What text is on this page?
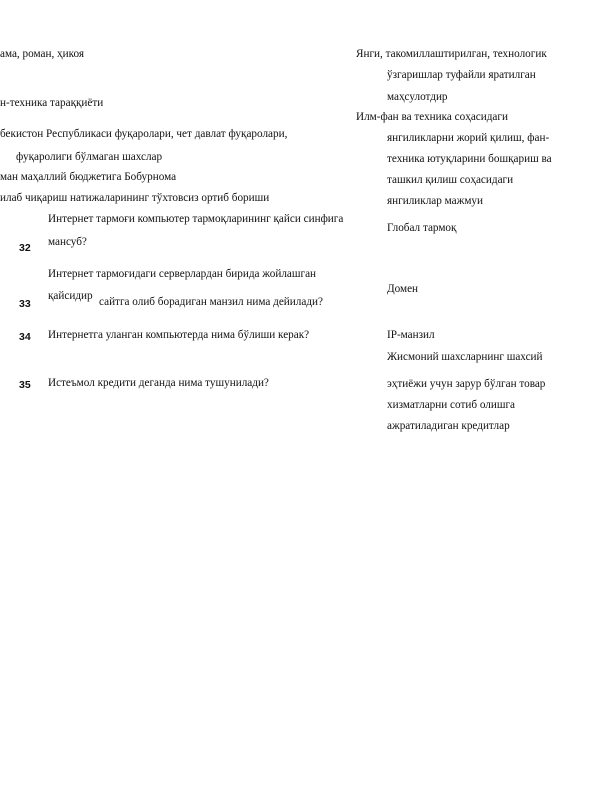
ама, роман, ҳикоя
н-техника тараққиёти
бекистон Республикаси фуқаролари, чет давлат фуқаролари,
фуқаролиги бўлмаган шахслар
ман маҳаллий бюджетига Бобурнома
илаб чиқариш натижаларининг тўхтовсиз ортиб бориши
Янги, такомиллаштирилган, технологик
ўзгаришлар туфайли яратилган
маҳсулотдир
Илм-фан ва техника соҳасидаги
янгиликларни жорий қилиш, фан-
техника ютуқларини бошқариш ва
ташкил қилиш соҳасидаги
янгиликлар мажмуи
32
Интернет тармоғи компьютер тармоқларининг қайси синфига
мансуб?
Глобал тармоқ
33
Интернет тармоғидаги серверлардан бирида жойлашган
қайсидир сайтга олиб борадиган манзил нима дейилади?
Домен
34 Интернетга уланган компьютерда нима бўлиши керак?	IP-манзил
35 Истеъмол кредити деганда нима тушунилади?
Жисмоний шахсларнинг шахсий
эҳтиёжи учун зарур бўлган товар
хизматларни сотиб олишга
ажратиладиган кредитлар
